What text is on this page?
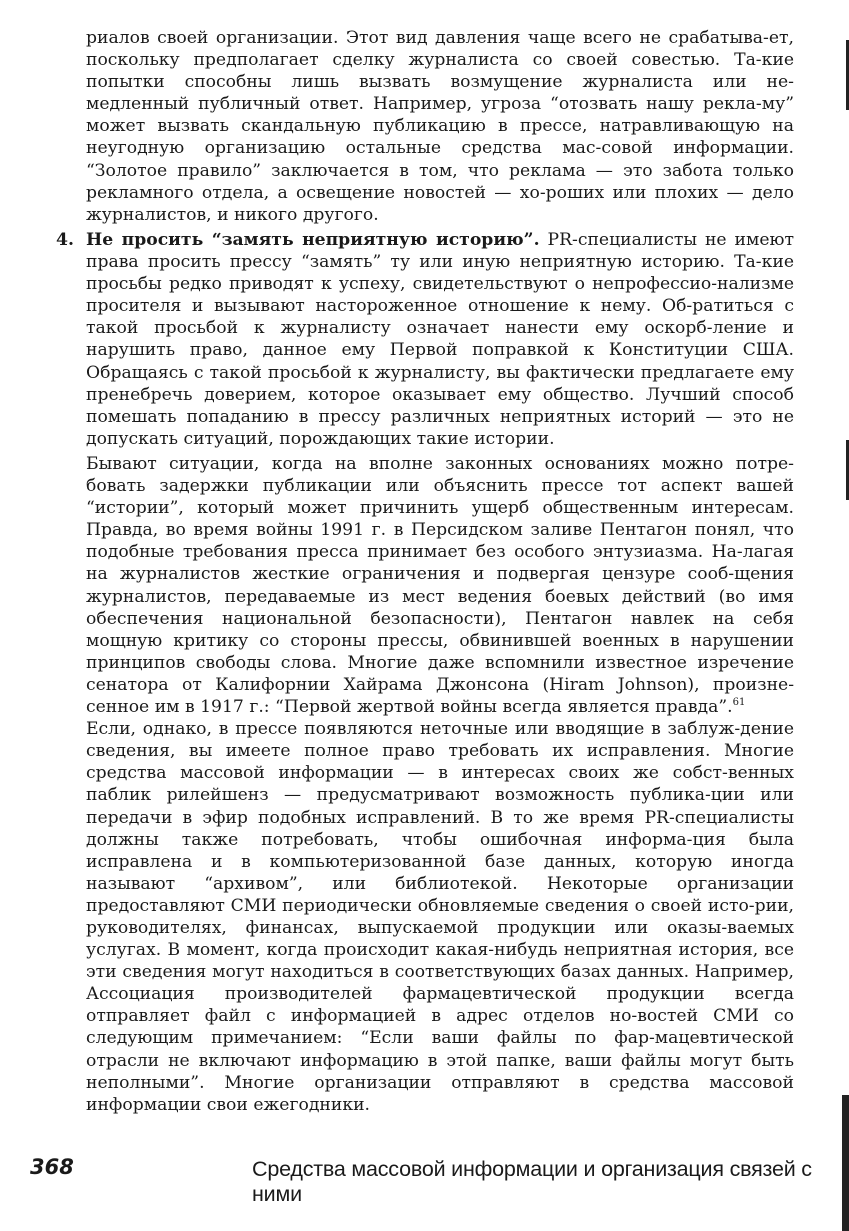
риалов своей организации. Этот вид давления чаще всего не срабатыва-ет, поскольку предполагает сделку журналиста со своей совестью. Та-кие попытки способны лишь вызвать возмущение журналиста или не-медленный публичный ответ. Например, угроза “отозвать нашу рекла-му” может вызвать скандальную публикацию в прессе, натравливающую на неугодную организацию остальные средства мас-совой информации. “Золотое правило” заключается в том, что реклама — это забота только рекламного отдела, а освещение новостей — хо-роших или плохих — дело журналистов, и никого другого.

4. Не просить “замять неприятную историю”. PR-специалисты не имеют права просить прессу “замять” ту или иную неприятную историю. Та-кие просьбы редко приводят к успеху, свидетельствуют о непрофессио-нализме просителя и вызывают настороженное отношение к нему. Об-ратиться с такой просьбой к журналисту означает нанести ему оскорб-ление и нарушить право, данное ему Первой поправкой к Конституции США. Обращаясь с такой просьбой к журналисту, вы фактически предлагаете ему пренебречь доверием, которое оказывает ему общество. Лучший способ помешать попаданию в прессу различных неприятных историй — это не допускать ситуаций, порождающих такие истории.

Бывают ситуации, когда на вполне законных основаниях можно потре-бовать задержки публикации или объяснить прессе тот аспект вашей “истории”, который может причинить ущерб общественным интересам. Правда, во время войны 1991 г. в Персидском заливе Пентагон понял, что подобные требования пресса принимает без особого энтузиазма. На-лагая на журналистов жесткие ограничения и подвергая цензуре сооб-щения журналистов, передаваемые из мест ведения боевых действий (во имя обеспечения национальной безопасности), Пентагон навлек на себя мощную критику со стороны прессы, обвинившей военных в нарушении принципов свободы слова. Многие даже вспомнили известное изречение сенатора от Калифорнии Хайрама Джонсона (Hiram Johnson), произне-сенное им в 1917 г.: “Первой жертвой войны всегда является правда”.$^{61}$

Если, однако, в прессе появляются неточные или вводящие в заблуж-дение сведения, вы имеете полное право требовать их исправления. Многие средства массовой информации — в интересах своих же собст-венных паблик рилейшенз — предусматривают возможность публика-ции или передачи в эфир подобных исправлений. В то же время PR-специалисты должны также потребовать, чтобы ошибочная информа-ция была исправлена и в компьютеризованной базе данных, которую иногда называют “архивом”, или библиотекой. Некоторые организации предоставляют СМИ периодически обновляемые сведения о своей исто-рии, руководителях, финансах, выпускаемой продукции или оказы-ваемых услугах. В момент, когда происходит какая-нибудь неприятная история, все эти сведения могут находиться в соответствующих базах данных. Например, Ассоциация производителей фармацевтической продукции всегда отправляет файл с информацией в адрес отделов но-востей СМИ со следующим примечанием: “Если ваши файлы по фар-мацевтической отрасли не включают информацию в этой папке, ваши файлы могут быть неполными”. Многие организации отправляют в средства массовой информации свои ежегодники.

368	Средства массовой информации и организация связей с ними
